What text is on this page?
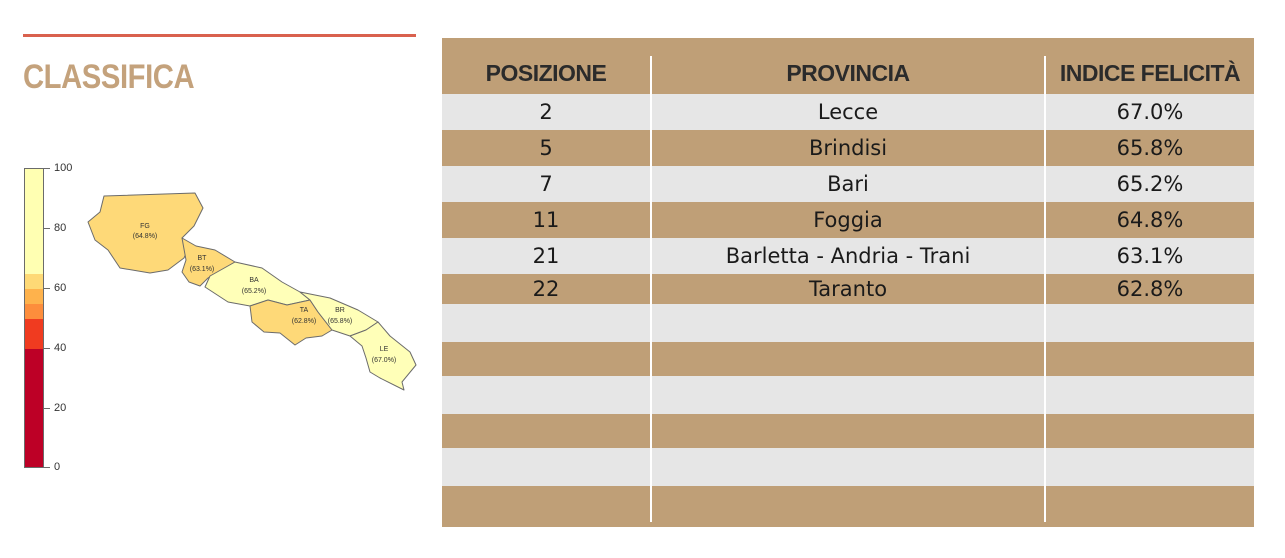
CLASSIFICA
100
80
60
40
20
0
FG
(64.8%)
BT
(63.1%)
BA
(65.2%)
TA
(62.8%)
BR
(65.8%)
LE
(67.0%)
POSIZIONE	PROVINCIA	INDICE FELICITÀ
2	Lecce	67.0%
5	Brindisi	65.8%
7	Bari	65.2%
11	Foggia	64.8%
21	Barletta - Andria - Trani	63.1%
22	Taranto	62.8%
